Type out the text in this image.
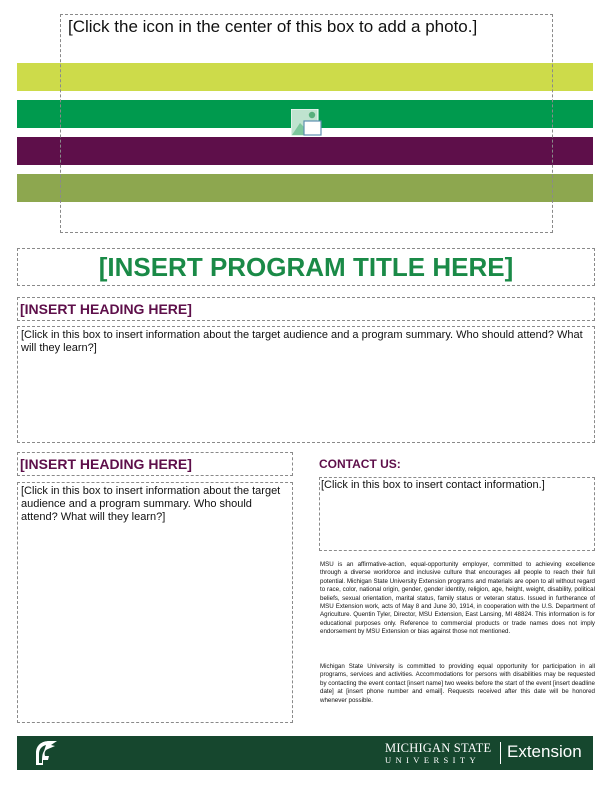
[Click the icon in the center of this box to add a photo.]
[INSERT PROGRAM TITLE HERE]
[INSERT HEADING HERE]
[Click in this box to insert information about the target audience and a program summary. Who should attend? What will they learn?]
[INSERT HEADING HERE]
[Click in this box to insert information about the target audience and a program summary. Who should attend? What will they learn?]
CONTACT US:
[Click in this box to insert contact information.]
MSU is an affirmative-action, equal-opportunity employer, committed to achieving excellence through a diverse workforce and inclusive culture that encourages all people to reach their full potential. Michigan State University Extension programs and materials are open to all without regard to race, color, national origin, gender, gender identity, religion, age, height, weight, disability, political beliefs, sexual orientation, marital status, family status or veteran status. Issued in furtherance of MSU Extension work, acts of May 8 and June 30, 1914, in cooperation with the U.S. Department of Agriculture. Quentin Tyler, Director, MSU Extension, East Lansing, MI 48824. This information is for educational purposes only. Reference to commercial products or trade names does not imply endorsement by MSU Extension or bias against those not mentioned.
Michigan State University is committed to providing equal opportunity for participation in all programs, services and activities. Accommodations for persons with disabilities may be requested by contacting the event contact [insert name] two weeks before the start of the event [insert deadline date] at [insert phone number and email]. Requests received after this date will be honored whenever possible.
MICHIGAN STATE
UNIVERSITY Extension
